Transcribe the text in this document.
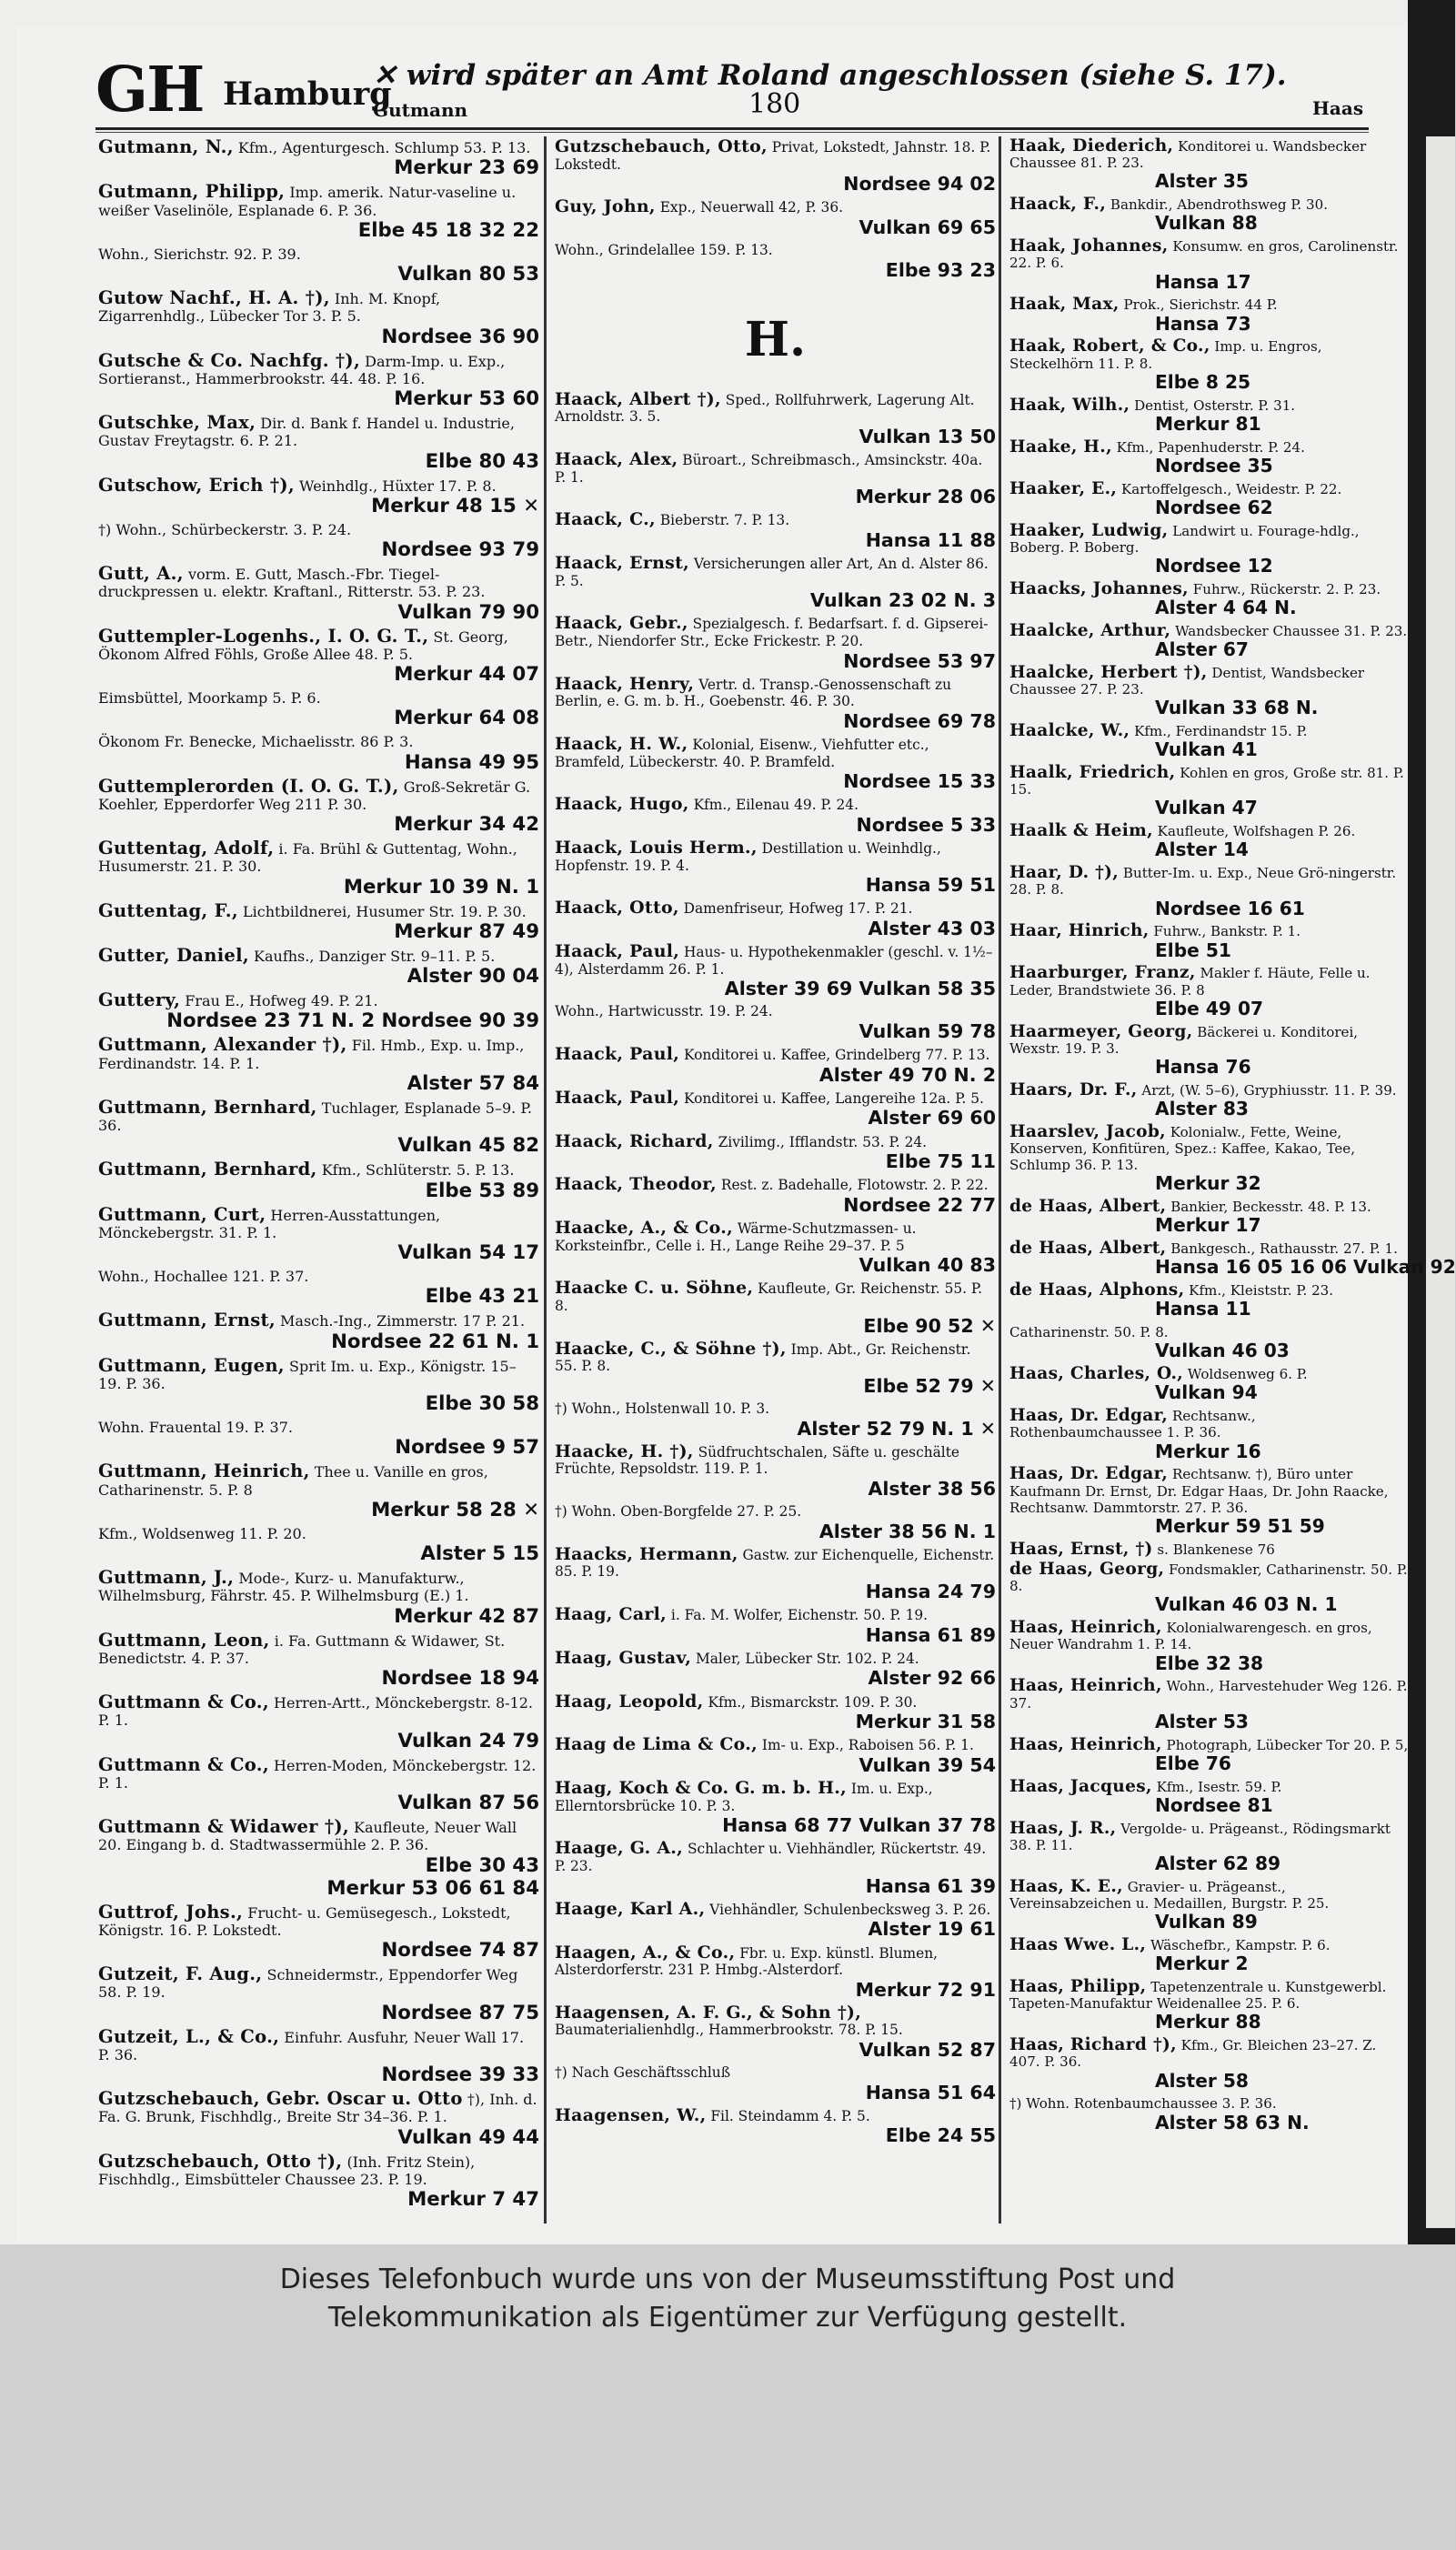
GH Hamburg
✕ wird später an Amt Roland angeschlossen (siehe S. 17).
Gutmann	180	Haas
Gutmann, N., Kfm., Agenturgesch. Schlump 53. P. 13.
Merkur 23 69
Gutmann, Philipp, Imp. amerik. Natur-vaseline u. weißer Vaselinöle, Esplanade 6. P. 36.
Elbe 45 18 32 22
Wohn., Sierichstr. 92. P. 39.
Vulkan 80 53
Gutow Nachf., H. A. †), Inh. M. Knopf, Zigarrenhdlg., Lübecker Tor 3. P. 5.
Nordsee 36 90
Gutsche & Co. Nachfg. †), Darm-Imp. u. Exp., Sortieranst., Hammerbrookstr. 44. 48. P. 16.
Merkur 53 60
Gutschke, Max, Dir. d. Bank f. Handel u. Industrie, Gustav Freytagstr. 6. P. 21.
Elbe 80 43
Gutschow, Erich †), Weinhdlg., Hüxter 17. P. 8.
Merkur 48 15 ✕
†) Wohn., Schürbeckerstr. 3. P. 24.
Nordsee 93 79
Gutt, A., vorm. E. Gutt, Masch.-Fbr. Tiegel-druckpressen u. elektr. Kraftanl., Ritterstr. 53. P. 23.
Vulkan 79 90
Guttempler-Logenhs., I. O. G. T., St. Georg, Ökonom Alfred Föhls, Große Allee 48. P. 5.
Merkur 44 07
Eimsbüttel, Moorkamp 5. P. 6.
Merkur 64 08
Ökonom Fr. Benecke, Michaelisstr. 86 P. 3.
Hansa 49 95
Guttemplerorden (I. O. G. T.), Groß-Sekretär G. Koehler, Epperdorfer Weg 211 P. 30.
Merkur 34 42
Guttentag, Adolf, i. Fa. Brühl & Guttentag, Wohn., Husumerstr. 21. P. 30.
Merkur 10 39 N. 1
Guttentag, F., Lichtbildnerei, Husumer Str. 19. P. 30.
Merkur 87 49
Gutter, Daniel, Kaufhs., Danziger Str. 9–11. P. 5.
Alster 90 04
Guttery, Frau E., Hofweg 49. P. 21.
Nordsee 23 71 N. 2 Nordsee 90 39
Guttmann, Alexander †), Fil. Hmb., Exp. u. Imp., Ferdinandstr. 14. P. 1.
Alster 57 84
Guttmann, Bernhard, Tuchlager, Esplanade 5–9. P. 36.
Vulkan 45 82
Guttmann, Bernhard, Kfm., Schlüterstr. 5. P. 13.
Elbe 53 89
Guttmann, Curt, Herren-Ausstattungen, Mönckebergstr. 31. P. 1.
Vulkan 54 17
Wohn., Hochallee 121. P. 37.
Elbe 43 21
Guttmann, Ernst, Masch.-Ing., Zimmerstr. 17 P. 21.
Nordsee 22 61 N. 1
Guttmann, Eugen, Sprit Im. u. Exp., Königstr. 15–19. P. 36.
Elbe 30 58
Wohn. Frauental 19. P. 37.
Nordsee 9 57
Guttmann, Heinrich, Thee u. Vanille en gros, Catharinenstr. 5. P. 8
Merkur 58 28 ✕
Kfm., Woldsenweg 11. P. 20.
Alster 5 15
Guttmann, J., Mode-, Kurz- u. Manufakturw., Wilhelmsburg, Fährstr. 45. P. Wilhelmsburg (E.) 1.
Merkur 42 87
Guttmann, Leon, i. Fa. Guttmann & Widawer, St. Benedictstr. 4. P. 37.
Nordsee 18 94
Guttmann & Co., Herren-Artt., Mönckebergstr. 8-12. P. 1.
Vulkan 24 79
Guttmann & Co., Herren-Moden, Mönckebergstr. 12. P. 1.
Vulkan 87 56
Guttmann & Widawer †), Kaufleute, Neuer Wall 20. Eingang b. d. Stadtwassermühle 2. P. 36.
Elbe 30 43
Merkur 53 06 61 84
Guttrof, Johs., Frucht- u. Gemüsegesch., Lokstedt, Königstr. 16. P. Lokstedt.
Nordsee 74 87
Gutzeit, F. Aug., Schneidermstr., Eppendorfer Weg 58. P. 19.
Nordsee 87 75
Gutzeit, L., & Co., Einfuhr. Ausfuhr, Neuer Wall 17. P. 36.
Nordsee 39 33
Gutzschebauch, Gebr. Oscar u. Otto †), Inh. d. Fa. G. Brunk, Fischhdlg., Breite Str 34–36. P. 1.
Vulkan 49 44
Gutzschebauch, Otto †), (Inh. Fritz Stein), Fischhdlg., Eimsbütteler Chaussee 23. P. 19.
Merkur 7 47
Gutzschebauch, Otto, Privat, Lokstedt, Jahnstr. 18. P. Lokstedt.
Nordsee 94 02
Guy, John, Exp., Neuerwall 42, P. 36.
Vulkan 69 65
Wohn., Grindelallee 159. P. 13.
Elbe 93 23
H.
Haack, Albert †), Sped., Rollfuhrwerk, Lagerung Alt. Arnoldstr. 3. 5.
Vulkan 13 50
Haack, Alex, Büroart., Schreibmasch., Amsinckstr. 40a. P. 1.
Merkur 28 06
Haack, C., Bieberstr. 7. P. 13.
Hansa 11 88
Haack, Ernst, Versicherungen aller Art, An d. Alster 86. P. 5.
Vulkan 23 02 N. 3
Haack, Gebr., Spezialgesch. f. Bedarfsart. f. d. Gipserei-Betr., Niendorfer Str., Ecke Frickestr. P. 20.
Nordsee 53 97
Haack, Henry, Vertr. d. Transp.-Genossenschaft zu Berlin, e. G. m. b. H., Goebenstr. 46. P. 30.
Nordsee 69 78
Haack, H. W., Kolonial, Eisenw., Viehfutter etc., Bramfeld, Lübeckerstr. 40. P. Bramfeld.
Nordsee 15 33
Haack, Hugo, Kfm., Eilenau 49. P. 24.
Nordsee 5 33
Haack, Louis Herm., Destillation u. Weinhdlg., Hopfenstr. 19. P. 4.
Hansa 59 51
Haack, Otto, Damenfriseur, Hofweg 17. P. 21.
Alster 43 03
Haack, Paul, Haus- u. Hypothekenmakler (geschl. v. 1½–4), Alsterdamm 26. P. 1.
Alster 39 69 Vulkan 58 35
Wohn., Hartwicusstr. 19. P. 24.
Vulkan 59 78
Haack, Paul, Konditorei u. Kaffee, Grindelberg 77. P. 13.
Alster 49 70 N. 2
Haack, Paul, Konditorei u. Kaffee, Langereihe 12a. P. 5.
Alster 69 60
Haack, Richard, Zivilimg., Ifflandstr. 53. P. 24.
Elbe 75 11
Haack, Theodor, Rest. z. Badehalle, Flotowstr. 2. P. 22.
Nordsee 22 77
Haacke, A., & Co., Wärme-Schutzmassen- u. Korksteinfbr., Celle i. H., Lange Reihe 29–37. P. 5
Vulkan 40 83
Haacke C. u. Söhne, Kaufleute, Gr. Reichenstr. 55. P. 8.
Elbe 90 52 ✕
Haacke, C., & Söhne †), Imp. Abt., Gr. Reichenstr. 55. P. 8.
Elbe 52 79 ✕
†) Wohn., Holstenwall 10. P. 3.
Alster 52 79 N. 1 ✕
Haacke, H. †), Südfruchtschalen, Säfte u. geschälte Früchte, Repsoldstr. 119. P. 1.
Alster 38 56
†) Wohn. Oben-Borgfelde 27. P. 25.
Alster 38 56 N. 1
Haacks, Hermann, Gastw. zur Eichenquelle, Eichenstr. 85. P. 19.
Hansa 24 79
Haag, Carl, i. Fa. M. Wolfer, Eichenstr. 50. P. 19.
Hansa 61 89
Haag, Gustav, Maler, Lübecker Str. 102. P. 24.
Alster 92 66
Haag, Leopold, Kfm., Bismarckstr. 109. P. 30.
Merkur 31 58
Haag de Lima & Co., Im- u. Exp., Raboisen 56. P. 1.
Vulkan 39 54
Haag, Koch & Co. G. m. b. H., Im. u. Exp., Ellerntorsbrücke 10. P. 3.
Hansa 68 77 Vulkan 37 78
Haage, G. A., Schlachter u. Viehhändler, Rückertstr. 49. P. 23.
Hansa 61 39
Haage, Karl A., Viehhändler, Schulenbecksweg 3. P. 26.
Alster 19 61
Haagen, A., & Co., Fbr. u. Exp. künstl. Blumen, Alsterdorferstr. 231 P. Hmbg.-Alsterdorf.
Merkur 72 91
Haagensen, A. F. G., & Sohn †), Baumaterialienhdlg., Hammerbrookstr. 78. P. 15.
Vulkan 52 87
†) Nach Geschäftsschluß
Hansa 51 64
Haagensen, W., Fil. Steindamm 4. P. 5.
Elbe 24 55
Haak, Diederich, Konditorei u. Wandsbecker Chaussee 81. P. 23.
Alster 35
Haack, F., Bankdir., Abendrothsweg P. 30.
Vulkan 88
Haak, Johannes, Konsumw. en gros, Carolinenstr. 22. P. 6.
Hansa 17
Haak, Max, Prok., Sierichstr. 44 P.
Hansa 73
Haak, Robert, & Co., Imp. u. Engros, Steckelhörn 11. P. 8.
Elbe 8 25
Haak, Wilh., Dentist, Osterstr. P. 31.
Merkur 81
Haake, H., Kfm., Papenhuderstr. P. 24.
Nordsee 35
Haaker, E., Kartoffelgesch., Weidestr. P. 22.
Nordsee 62
Haaker, Ludwig, Landwirt u. Fourage-hdlg., Boberg. P. Boberg.
Nordsee 12
Haacks, Johannes, Fuhrw., Rückerstr. 2. P. 23.
Alster 4 64 N.
Haalcke, Arthur, Wandsbecker Chaussee 31. P. 23.
Alster 67
Haalcke, Herbert †), Dentist, Wandsbecker Chaussee 27. P. 23.
Vulkan 33 68 N.
Haalcke, W., Kfm., Ferdinandstr 15. P.
Vulkan 41
Haalk, Friedrich, Kohlen en gros, Große str. 81. P. 15.
Vulkan 47
Haalk & Heim, Kaufleute, Wolfshagen P. 26.
Alster 14
Haar, D. †), Butter-Im. u. Exp., Neue Grö-ningerstr. 28. P. 8.
Nordsee 16 61
Haar, Hinrich, Fuhrw., Bankstr. P. 1.
Elbe 51
Haarburger, Franz, Makler f. Häute, Felle u. Leder, Brandstwiete 36. P. 8
Elbe 49 07
Haarmeyer, Georg, Bäckerei u. Konditorei, Wexstr. 19. P. 3.
Hansa 76
Haars, Dr. F., Arzt, (W. 5–6), Gryphiusstr. 11. P. 39.
Alster 83
Haarslev, Jacob, Kolonialw., Fette, Weine, Konserven, Konfitüren, Spez.: Kaffee, Kakao, Tee, Schlump 36. P. 13.
Merkur 32
de Haas, Albert, Bankier, Beckesstr. 48. P. 13.
Merkur 17
de Haas, Albert, Bankgesch., Rathausstr. 27. P. 1.
Hansa 16 05 16 06 Vulkan 92
de Haas, Alphons, Kfm., Kleiststr. P. 23.
Hansa 11
Catharinenstr. 50. P. 8.
Vulkan 46 03
Haas, Charles, O., Woldsenweg 6. P.
Vulkan 94
Haas, Dr. Edgar, Rechtsanw., Rothenbaumchaussee 1. P. 36.
Merkur 16
Haas, Dr. Edgar, Rechtsanw. †), Büro unter Kaufmann Dr. Ernst, Dr. Edgar Haas, Dr. John Raacke, Rechtsanw. Dammtorstr. 27. P. 36.
Merkur 59 51 59
Haas, Ernst, †) s. Blankenese 76
de Haas, Georg, Fondsmakler, Catharinenstr. 50. P. 8.
Vulkan 46 03 N. 1
Haas, Heinrich, Kolonialwarengesch. en gros, Neuer Wandrahm 1. P. 14.
Elbe 32 38
Haas, Heinrich, Wohn., Harvestehuder Weg 126. P. 37.
Alster 53
Haas, Heinrich, Photograph, Lübecker Tor 20. P. 5,
Elbe 76
Haas, Jacques, Kfm., Isestr. 59. P.
Nordsee 81
Haas, J. R., Vergolde- u. Prägeanst., Rödingsmarkt 38. P. 11.
Alster 62 89
Haas, K. E., Gravier- u. Prägeanst., Vereinsabzeichen u. Medaillen, Burgstr. P. 25.
Vulkan 89
Haas Wwe. L., Wäschefbr., Kampstr. P. 6.
Merkur 2
Haas, Philipp, Tapetenzentrale u. Kunstgewerbl. Tapeten-Manufaktur Weidenallee 25. P. 6.
Merkur 88
Haas, Richard †), Kfm., Gr. Bleichen 23–27. Z. 407. P. 36.
Alster 58
†) Wohn. Rotenbaumchaussee 3. P. 36.
Alster 58 63 N.
Dieses Telefonbuch wurde uns von der Museumsstiftung Post und
Telekommunikation als Eigentümer zur Verfügung gestellt.
